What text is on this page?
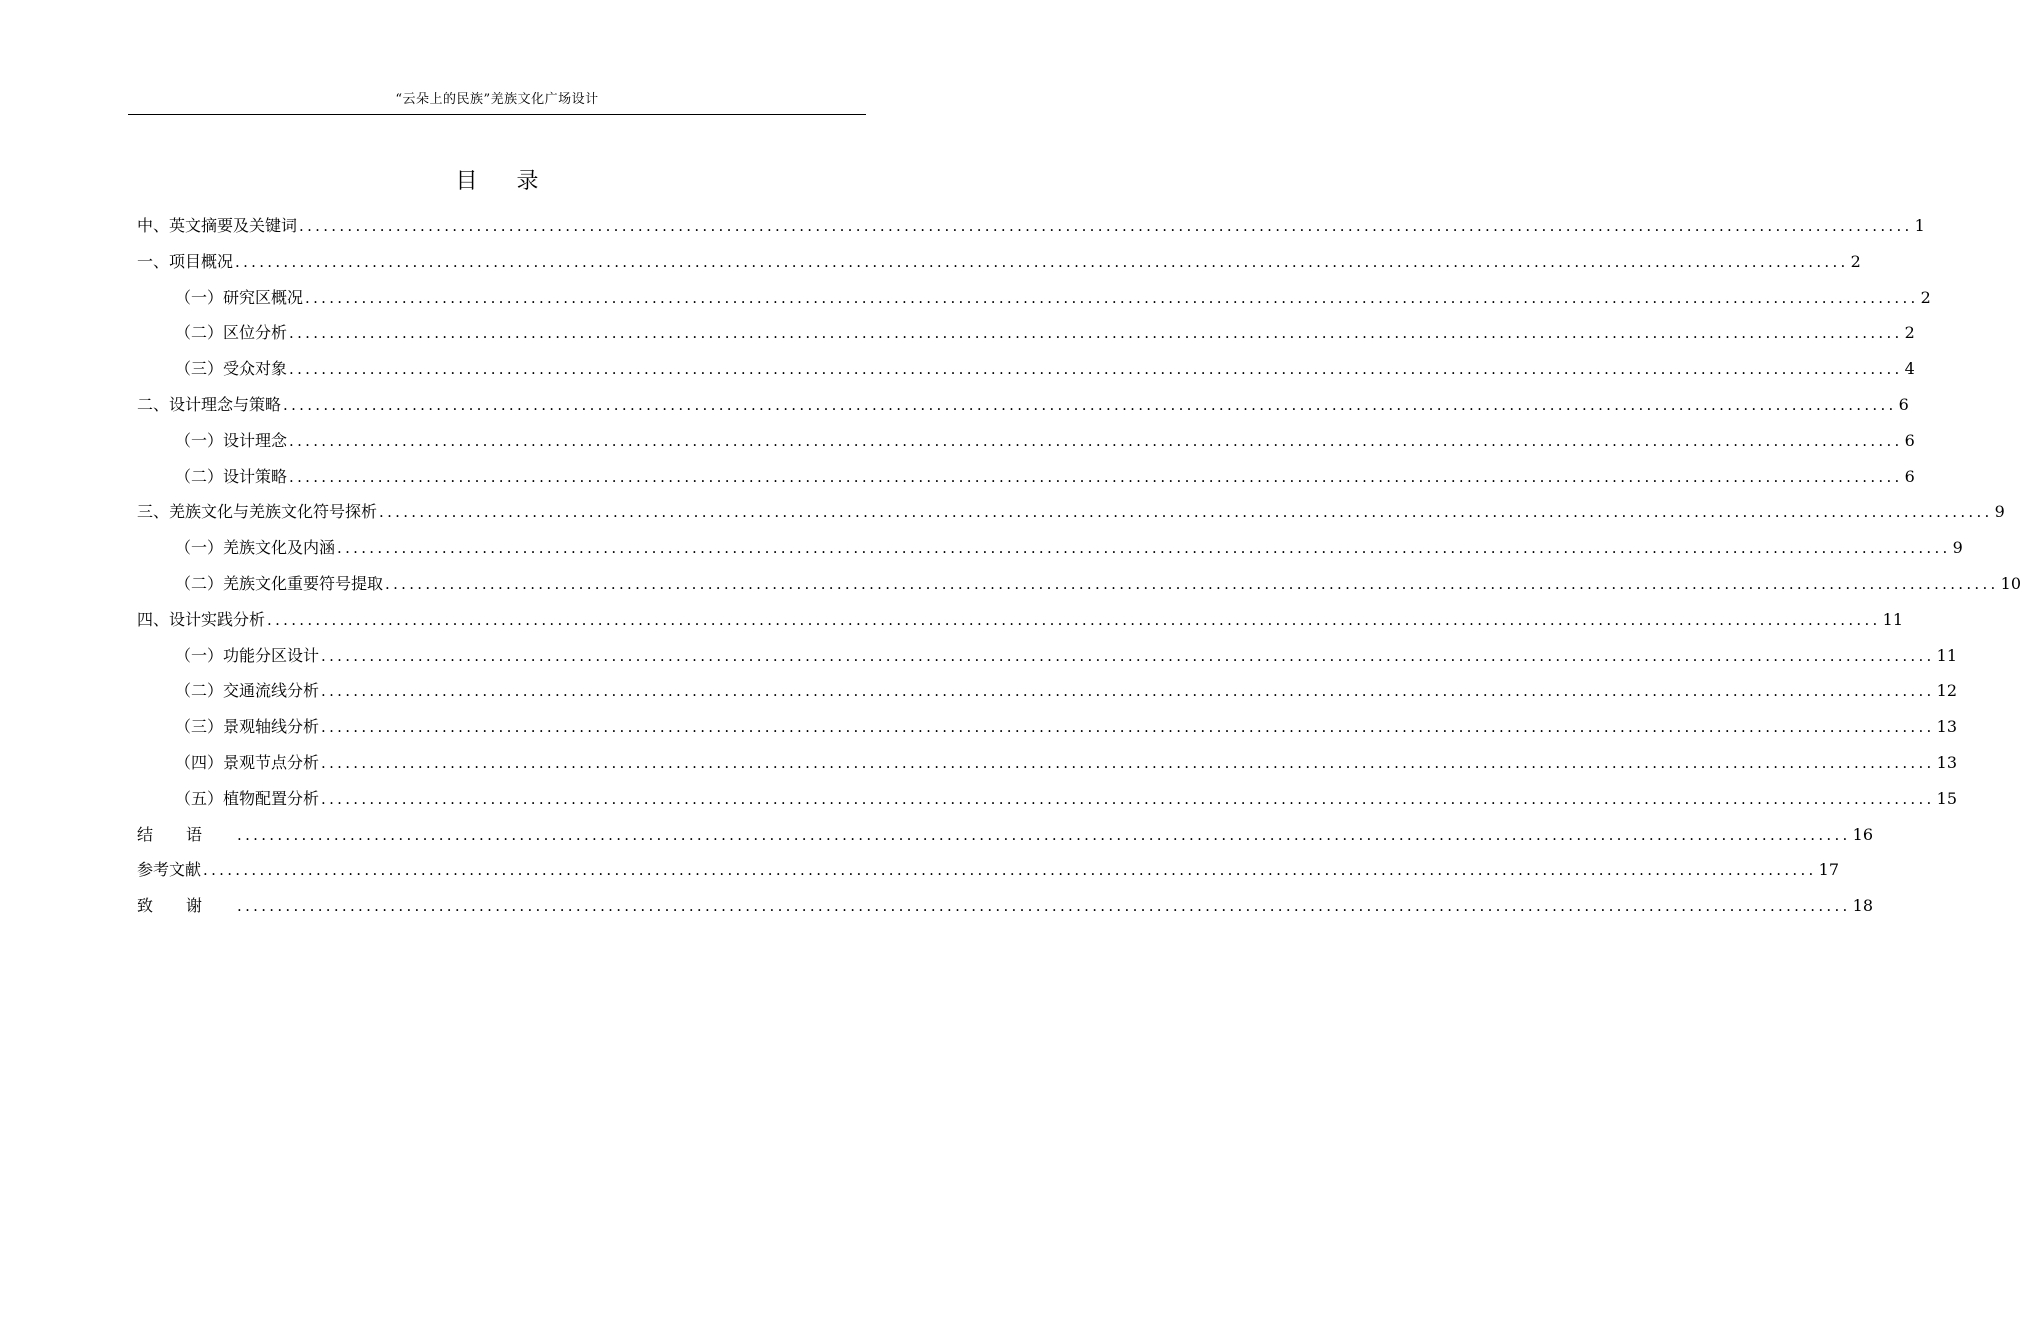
“云朵上的民族”羌族文化广场设计
目 录
中、英文摘要及关键词 ........................................................................................................................................................................................................ 1
一、项目概况 ........................................................................................................................................................................................................ 2
（一）研究区概况 ........................................................................................................................................................................................................ 2
（二）区位分析 ........................................................................................................................................................................................................ 2
（三）受众对象 ........................................................................................................................................................................................................ 4
二、设计理念与策略 ........................................................................................................................................................................................................ 6
（一）设计理念 ........................................................................................................................................................................................................ 6
（二）设计策略 ........................................................................................................................................................................................................ 6
三、羌族文化与羌族文化符号探析 ........................................................................................................................................................................................................ 9
（一）羌族文化及内涵 ........................................................................................................................................................................................................ 9
（二）羌族文化重要符号提取 ........................................................................................................................................................................................................ 10
四、设计实践分析 ........................................................................................................................................................................................................ 11
（一）功能分区设计 ........................................................................................................................................................................................................ 11
（二）交通流线分析 ........................................................................................................................................................................................................ 12
（三）景观轴线分析 ........................................................................................................................................................................................................ 13
（四）景观节点分析 ........................................................................................................................................................................................................ 13
（五）植物配置分析 ........................................................................................................................................................................................................ 15
结语 ........................................................................................................................................................................................................ 16
参考文献 ........................................................................................................................................................................................................ 17
致谢 ........................................................................................................................................................................................................ 18
